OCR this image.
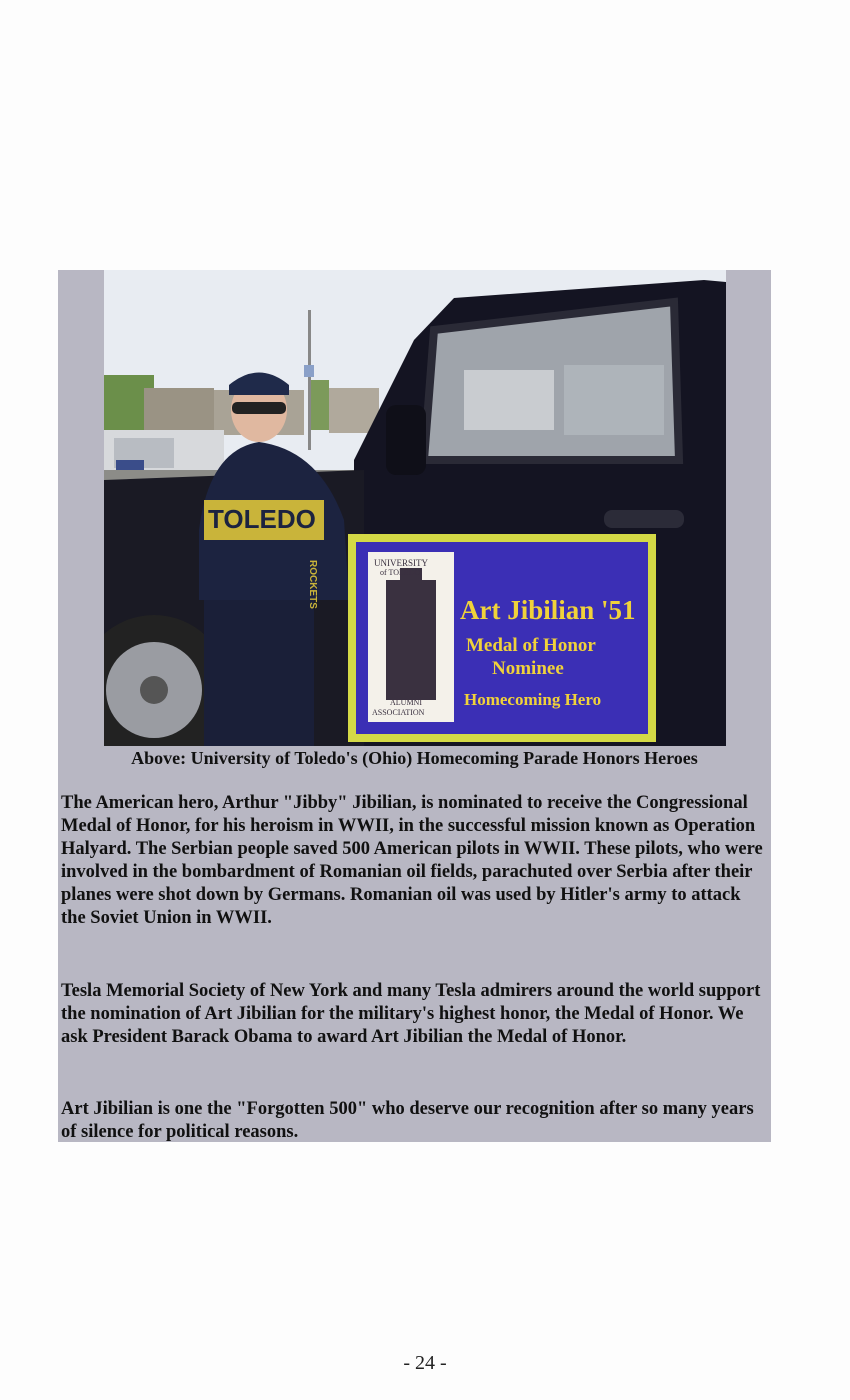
UNIVERSITY
of TOLEDO
ALUMNI
ASSOCIATION
Art Jibilian '51
Medal of Honor
Nominee
Homecoming Hero
TOLEDO
ROCKETS
Above: University of Toledo's (Ohio) Homecoming Parade Honors Heroes

The American hero, Arthur "Jibby" Jibilian, is nominated to receive the Congressional Medal of Honor, for his heroism in WWII, in the successful mission known as Operation Halyard. The Serbian people saved 500 American pilots in WWII. These pilots, who were involved in the bombardment of Romanian oil fields, parachuted over Serbia after their planes were shot down by Germans. Romanian oil was used by Hitler's army to attack the Soviet Union in WWII.

Tesla Memorial Society of New York and many Tesla admirers around the world support the nomination of Art Jibilian for the military's highest honor, the Medal of Honor. We ask President Barack Obama to award Art Jibilian the Medal of Honor.

Art Jibilian is one the "Forgotten 500" who deserve our recognition after so many years of silence for political reasons.

- 24 -
